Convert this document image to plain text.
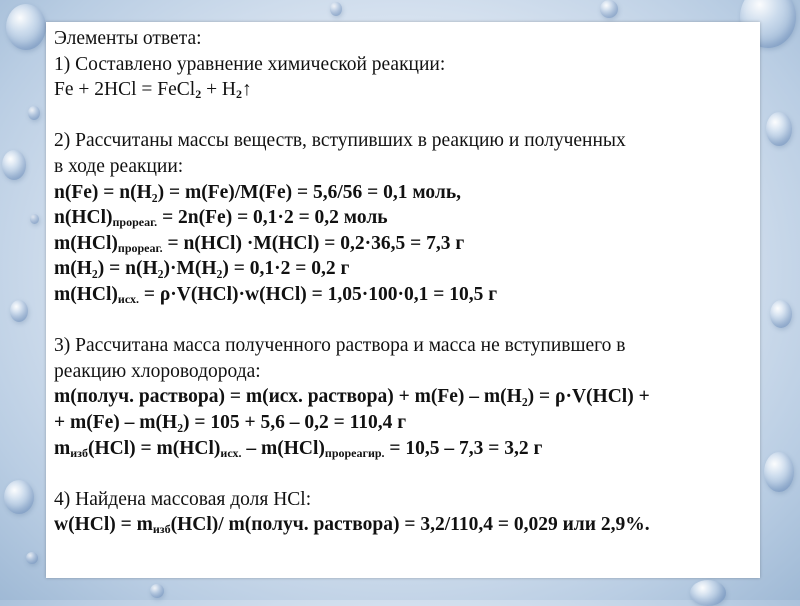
Элементы ответа:
1) Составлено уравнение химической реакции:
Fe + 2HCl = FeCl$_2$ + $H_2↑$
2) Рассчитаны массы веществ, вступивших в реакцию и полученных
в ходе реакции:
n(Fe) = n(H₂) = m(Fe)/M(Fe) = 5,6/56 = 0,1 моль,
$n(HCl)_{прореаг.} = 2n(Fe) = 0,1\cdot 2 = 0,2$ моль
$m(HCl)_{прореаг.} = n(HCl) \cdot M(HCl) = 0,2\cdot 36,5 = 7,3$ г
m(H₂) = n(H₂)·M(H₂) = 0,1·2 = 0,2 г
$m(HCl)_{исх.} = \rho\cdot V(HCl)\cdot w(HCl) = 1,05\cdot 100\cdot 0,1 = 10,5$ г
3) Рассчитана масса полученного раствора и масса не вступившего в
реакцию хлороводорода:
m(получ. раствора) = m(исх. раствора) + m(Fe) – m(H₂) = ρ·V(HCl) +
+ m(Fe) – m(H₂) = 105 + 5,6 – 0,2 = 110,4 г
$m_{изб}(HCl) = m(HCl)_{исх.} - m(HCl)_{прореагир.} = 10,5 - 7,3 = 3,2$ г
4) Найдена массовая доля HCl:
$w(HCl) = m_{изб}(HCl)/$ m(получ. раствора) = 3,2/110,4 = 0,029 или 2,9%.
